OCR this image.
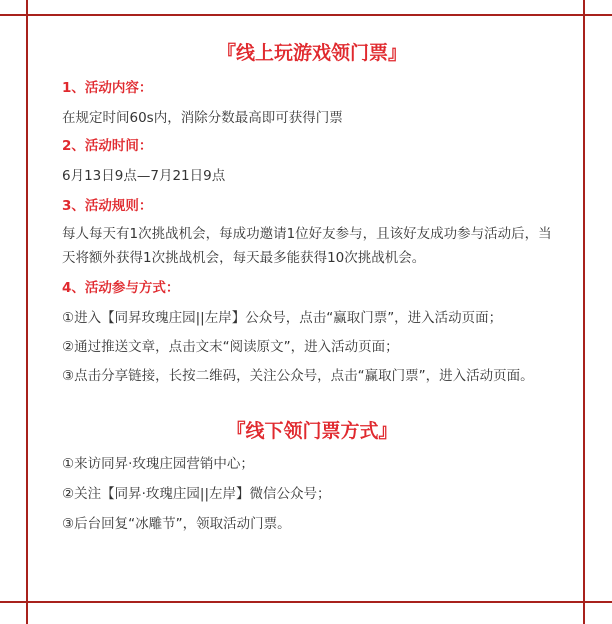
『线上玩游戏领门票』
1、活动内容：

在规定时间60s内，消除分数最高即可获得门票

2、活动时间：

6月13日9点—7月21日9点

3、活动规则：

每人每天有1次挑战机会，每成功邀请1位好友参与，且该好友成功参与活动后，当天将额外获得1次挑战机会，每天最多能获得10次挑战机会。

4、活动参与方式：

①进入【同昇玫瑰庄园||左岸】公众号，点击“赢取门票”，进入活动页面；

②通过推送文章，点击文末“阅读原文”，进入活动页面；

③点击分享链接，长按二维码，关注公众号，点击“赢取门票”，进入活动页面。

『线下领门票方式』

①来访同昇·玫瑰庄园营销中心；

②关注【同昇·玫瑰庄园||左岸】微信公众号；

③后台回复“冰雕节”，领取活动门票。
